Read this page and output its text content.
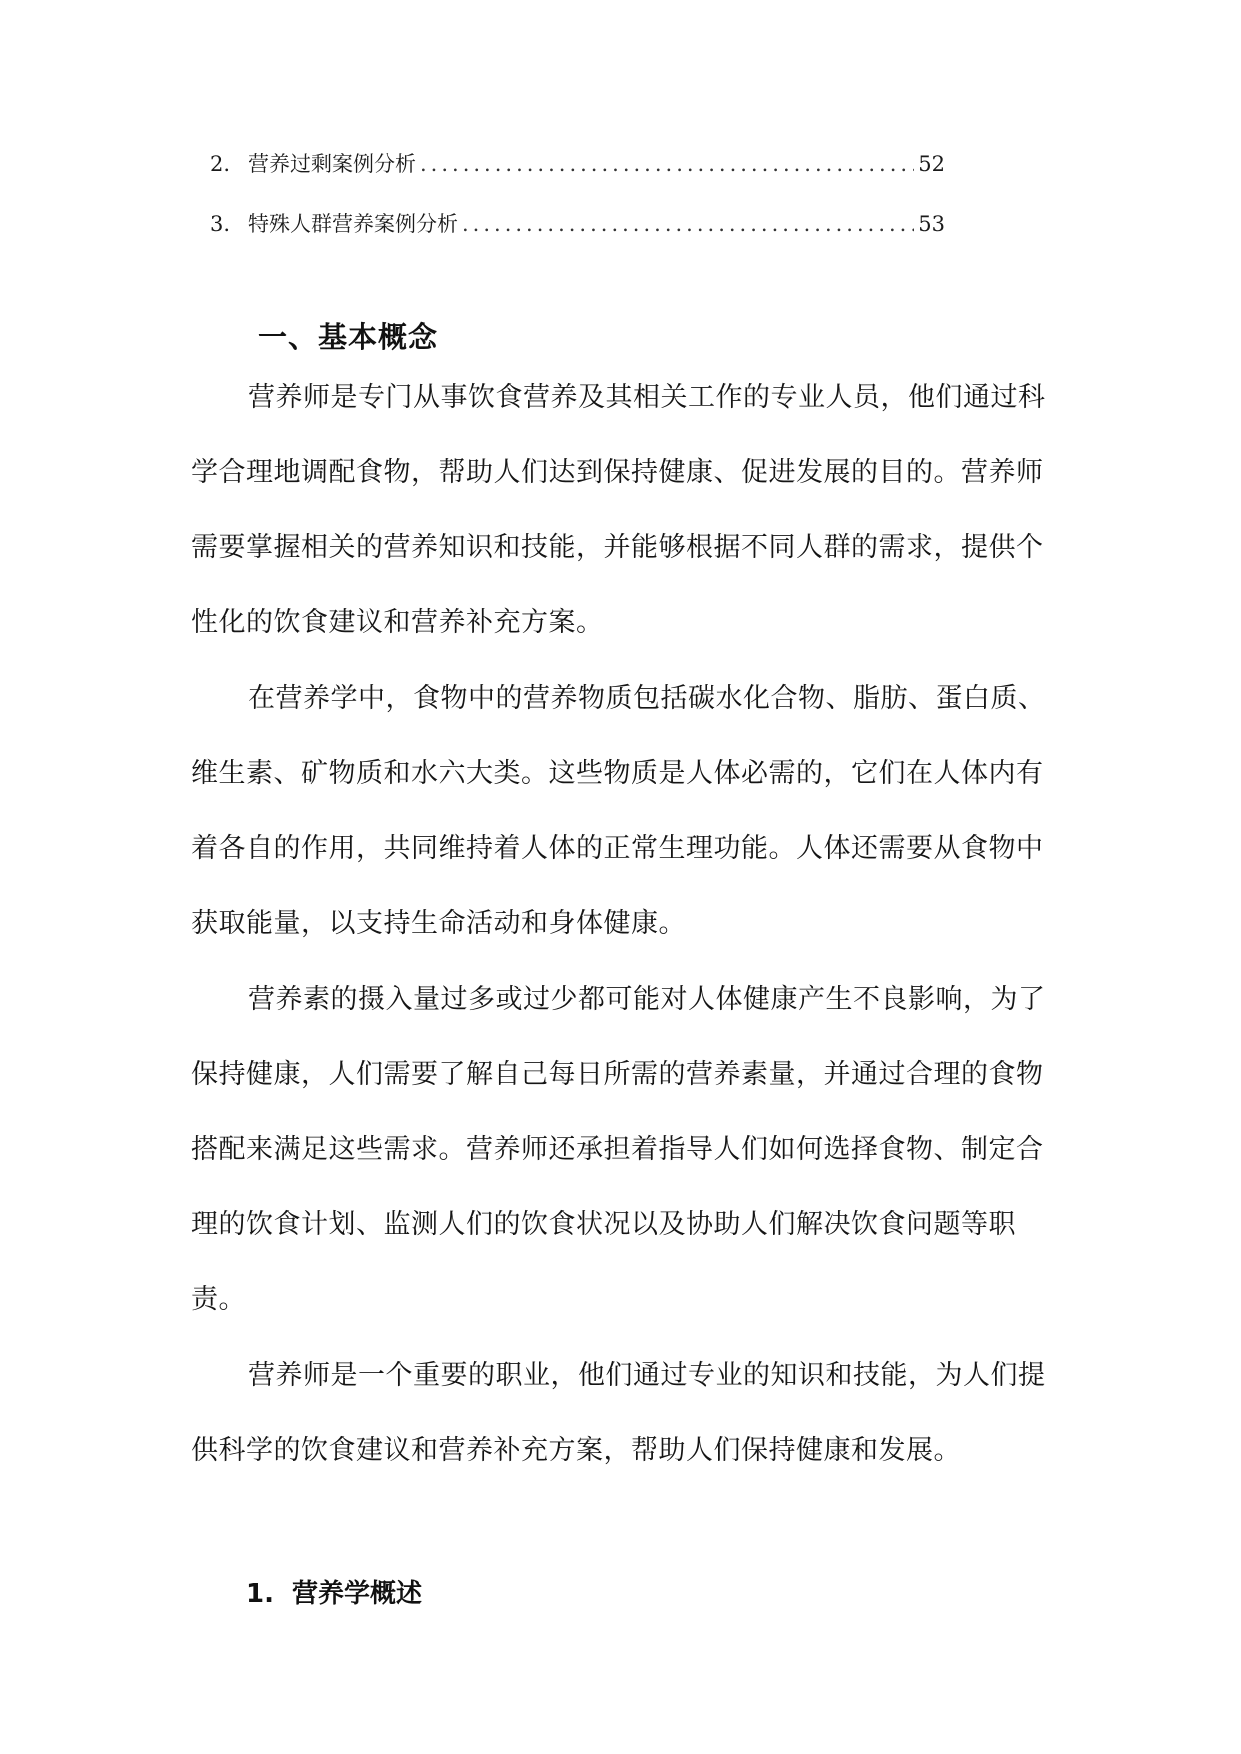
2. 营养过剩案例分析 .....	52
3. 特殊人群营养案例分析 .....	53
一、基本概念

营养师是专门从事饮食营养及其相关工作的专业人员，他们通过科学合理地调配食物，帮助人们达到保持健康、促进发展的目的。营养师需要掌握相关的营养知识和技能，并能够根据不同人群的需求，提供个性化的饮食建议和营养补充方案。

在营养学中，食物中的营养物质包括碳水化合物、脂肪、蛋白质、维生素、矿物质和水六大类。这些物质是人体必需的，它们在人体内有着各自的作用，共同维持着人体的正常生理功能。人体还需要从食物中获取能量，以支持生命活动和身体健康。

营养素的摄入量过多或过少都可能对人体健康产生不良影响，为了保持健康，人们需要了解自己每日所需的营养素量，并通过合理的食物搭配来满足这些需求。营养师还承担着指导人们如何选择食物、制定合理的饮食计划、监测人们的饮食状况以及协助人们解决饮食问题等职责。

营养师是一个重要的职业，他们通过专业的知识和技能，为人们提供科学的饮食建议和营养补充方案，帮助人们保持健康和发展。

1. 营养学概述
